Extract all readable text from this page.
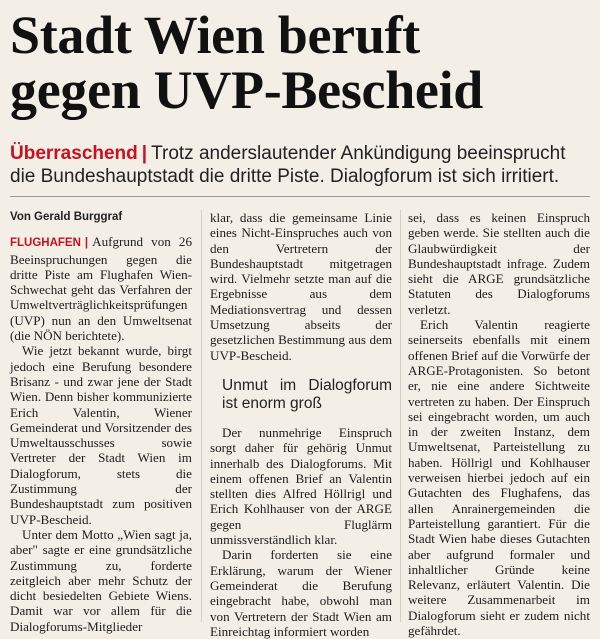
Stadt Wien beruft
gegen UVP-Bescheid
Überraschend | Trotz anderslautender Ankündigung beeinsprucht die Bundeshauptstadt die dritte Piste. Dialogforum ist sich irritiert.
Von Gerald Burggraf

FLUGHAFEN | Aufgrund von 26 Beeinspruchungen gegen die dritte Piste am Flughafen Wien-Schwechat geht das Verfahren der Umweltverträglichkeitsprüfungen (UVP) nun an den Umweltsenat (die NÖN berichtete).

Wie jetzt bekannt wurde, birgt jedoch eine Berufung besondere Brisanz - und zwar jene der Stadt Wien. Denn bisher kommunizierte Erich Valentin, Wiener Gemeinderat und Vorsitzender des Umweltausschusses sowie Vertreter der Stadt Wien im Dialogforum, stets die Zustimmung der Bundeshauptstadt zum positiven UVP-Bescheid.

Unter dem Motto „Wien sagt ja, aber" sagte er eine grundsätzliche Zustimmung zu, forderte zeitgleich aber mehr Schutz der dicht besiedelten Gebiete Wiens. Damit war vor allem für die Dialogforums-Mitglieder

klar, dass die gemeinsame Linie eines Nicht-Einspruches auch von den Vertretern der Bundeshauptstadt mitgetragen wird. Vielmehr setzte man auf die Ergebnisse aus dem Mediationsvertrag und dessen Umsetzung abseits der gesetzlichen Bestimmung aus dem UVP-Bescheid.

Unmut im Dialogforum ist enorm groß

Der nunmehrige Einspruch sorgt daher für gehörig Unmut innerhalb des Dialogforums. Mit einem offenen Brief an Valentin stellten dies Alfred Höllrigl und Erich Kohlhauser von der ARGE gegen Fluglärm unmissverständlich klar.

Darin forderten sie eine Erklärung, warum der Wiener Gemeinderat die Berufung eingebracht habe, obwohl man von Vertretern der Stadt Wien am Einreichtag informiert worden

sei, dass es keinen Einspruch geben werde. Sie stellten auch die Glaubwürdigkeit der Bundeshauptstadt infrage. Zudem sieht die ARGE grundsätzliche Statuten des Dialogforums verletzt.

Erich Valentin reagierte seinerseits ebenfalls mit einem offenen Brief auf die Vorwürfe der ARGE-Protagonisten. So betont er, nie eine andere Sichtweite vertreten zu haben. Der Einspruch sei eingebracht worden, um auch in der zweiten Instanz, dem Umweltsenat, Parteistellung zu haben. Höllrigl und Kohlhauser verweisen hierbei jedoch auf ein Gutachten des Flughafens, das allen Anrainergemeinden die Parteistellung garantiert. Für die Stadt Wien habe dieses Gutachten aber aufgrund formaler und inhaltlicher Gründe keine Relevanz, erläutert Valentin. Die weitere Zusammenarbeit im Dialogforum sieht er zudem nicht gefährdet.
